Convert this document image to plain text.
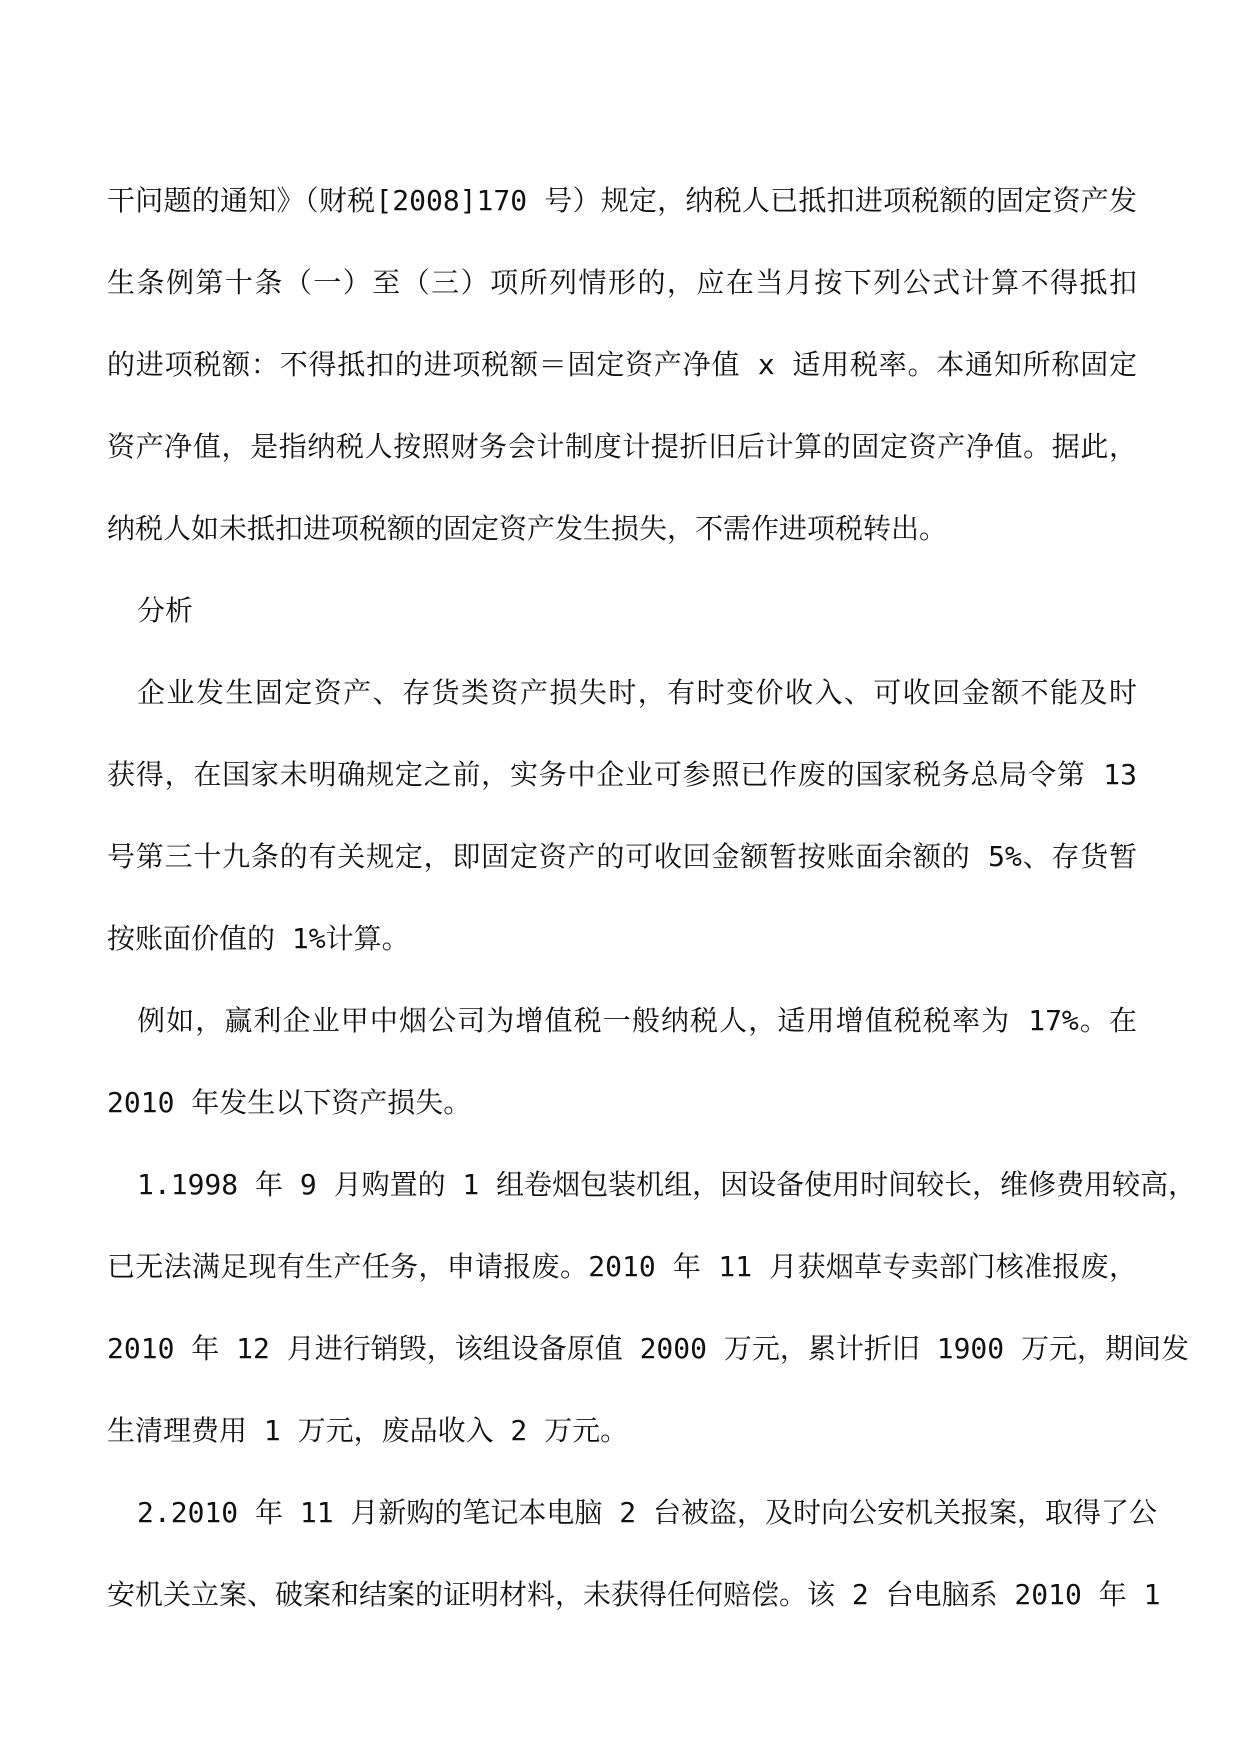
干问题的通知》（财税[2008]170 号）规定，纳税人已抵扣进项税额的固定资产发
生条例第十条（一）至（三）项所列情形的，应在当月按下列公式计算不得抵扣
的进项税额：不得抵扣的进项税额＝固定资产净值 x 适用税率。本通知所称固定
资产净值，是指纳税人按照财务会计制度计提折旧后计算的固定资产净值。据此，
纳税人如未抵扣进项税额的固定资产发生损失，不需作进项税转出。
分析
企业发生固定资产、存货类资产损失时，有时变价收入、可收回金额不能及时
获得，在国家未明确规定之前，实务中企业可参照已作废的国家税务总局令第 13
号第三十九条的有关规定，即固定资产的可收回金额暂按账面余额的 5%、存货暂
按账面价值的 1%计算。
例如，赢利企业甲中烟公司为增值税一般纳税人，适用增值税税率为 17%。在
2010 年发生以下资产损失。
1.1998 年 9 月购置的 1 组卷烟包装机组，因设备使用时间较长，维修费用较高，
已无法满足现有生产任务，申请报废。2010 年 11 月获烟草专卖部门核准报废，
2010 年 12 月进行销毁，该组设备原值 2000 万元，累计折旧 1900 万元，期间发
生清理费用 1 万元，废品收入 2 万元。
2.2010 年 11 月新购的笔记本电脑 2 台被盗，及时向公安机关报案，取得了公
安机关立案、破案和结案的证明材料，未获得任何赔偿。该 2 台电脑系 2010 年 1
